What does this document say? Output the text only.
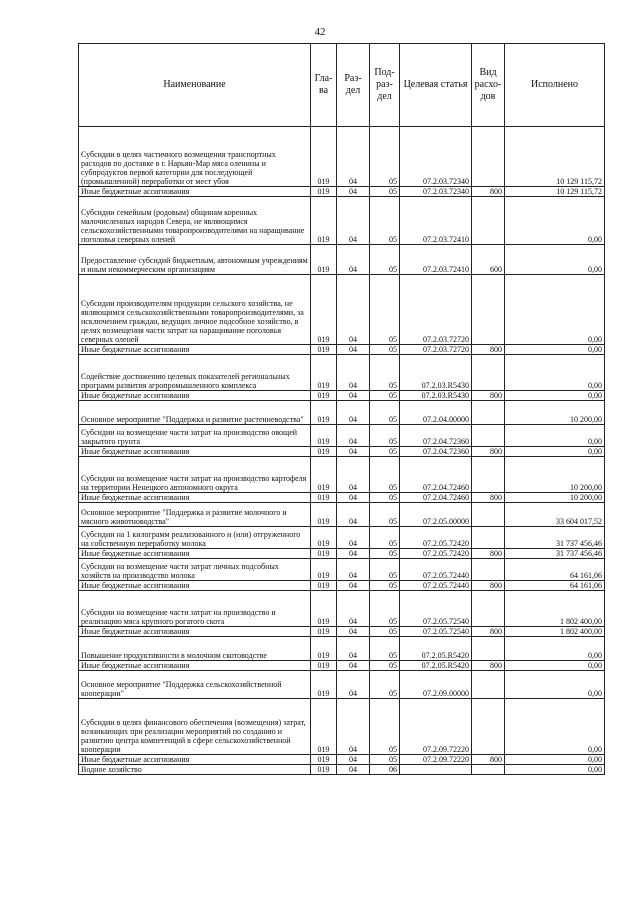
42
Наименование	Гла-ва	Раз-дел	Под-раз-дел	Целевая статья	Вид расхо-дов	Исполнено
Субсидии в целях частичного возмещения транспортных расходов по доставке в г. Нарьян-Мар мяса оленины и субпродуктов первой категории для последующей (промышленной) переработки от мест убоя	019	04	05	07.2.03.72340		10 129 115,72
Иные бюджетные ассигнования	019	04	05	07.2.03.72340	800	10 129 115,72
Субсидии семейным (родовым) общинам коренных малочисленных народов Севера, не являющимся сельскохозяйственными товаропроизводителями на наращивание поголовья северных оленей	019	04	05	07.2.03.72410		0,00
Предоставление субсидий бюджетным, автономным учреждениям и иным некоммерческим организациям	019	04	05	07.2.03.72410	600	0,00
Субсидии производителям продукции сельского хозяйства, не являющимся сельскохозяйственными товаропроизводителями, за исключением граждан, ведущих личное подсобное хозяйство, в целях возмещения части затрат на наращивание поголовья северных оленей	019	04	05	07.2.03.72720		0,00
Иные бюджетные ассигнования	019	04	05	07.2.03.72720	800	0,00
Содействие достижению целевых показателей региональных программ развития агропромышленного комплекса	019	04	05	07.2.03.R5430		0,00
Иные бюджетные ассигнования	019	04	05	07.2.03.R5430	800	0,00
Основное мероприятие "Поддержка и развитие растениеводства"	019	04	05	07.2.04.00000		10 200,00
Субсидии на возмещение части затрат на производство овощей закрытого грунта	019	04	05	07.2.04.72360		0,00
Иные бюджетные ассигнования	019	04	05	07.2.04.72360	800	0,00
Субсидии на возмещение части затрат на производство картофеля на территории Ненецкого автономного округа	019	04	05	07.2.04.72460		10 200,00
Иные бюджетные ассигнования	019	04	05	07.2.04.72460	800	10 200,00
Основное мероприятие "Поддержка и развитие молочного и мясного животноводства"	019	04	05	07.2.05.00000		33 604 017,52
Субсидии на 1 килограмм реализованного и (или) отгруженного на собственную переработку молока	019	04	05	07.2.05.72420		31 737 456,46
Иные бюджетные ассигнования	019	04	05	07.2.05.72420	800	31 737 456,46
Субсидии на возмещение части затрат личных подсобных хозяйств на производство молока	019	04	05	07.2.05.72440		64 161,06
Иные бюджетные ассигнования	019	04	05	07.2.05.72440	800	64 161,06
Субсидии на возмещение части затрат на производство и реализацию мяса крупного рогатого скота	019	04	05	07.2.05.72540		1 802 400,00
Иные бюджетные ассигнования	019	04	05	07.2.05.72540	800	1 802 400,00
Повышение продуктивности в молочном скотоводстве	019	04	05	07.2.05.R5420		0,00
Иные бюджетные ассигнования	019	04	05	07.2.05.R5420	800	0,00
Основное мероприятие "Поддержка сельскохозяйственной кооперации"	019	04	05	07.2.09.00000		0,00
Субсидии в целях финансового обеспечения (возмещения) затрат, возникающих при реализации мероприятий по созданию и развитию центра компетенций в сфере сельскохозяйственной кооперации	019	04	05	07.2.09.72220		0,00
Иные бюджетные ассигнования	019	04	05	07.2.09.72220	800	0,00
Водное хозяйство	019	04	06			0,00
